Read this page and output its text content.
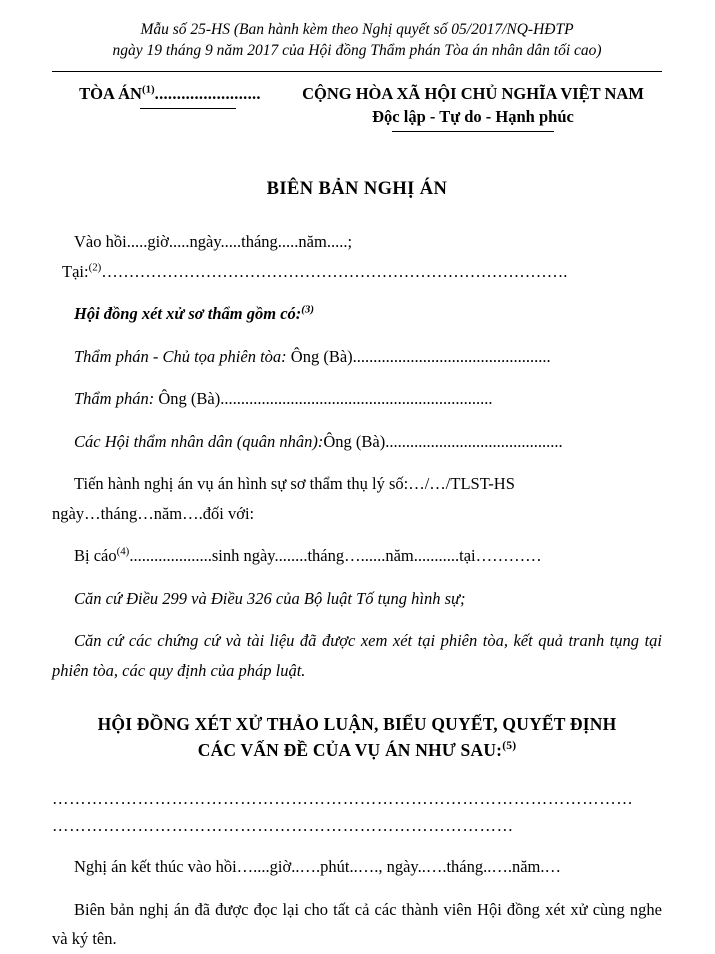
Mẫu số 25-HS (Ban hành kèm theo Nghị quyết số 05/2017/NQ-HĐTP
ngày 19 tháng 9 năm 2017 của Hội đồng Thẩm phán Tòa án nhân dân tối cao)
TÒA ÁN$^{(1)}$........................	CỘNG HÒA XÃ HỘI CHỦ NGHĨA VIỆT NAM
Độc lập - Tự do - Hạnh phúc
BIÊN BẢN NGHỊ ÁN

Vào hồi.....giờ.....ngày.....tháng.....năm.....;

Tại:$^{(2)}$………………………………………………………………………….

Hội đồng xét xử sơ thẩm gồm có:$^{(3)}$

Thẩm phán - Chủ tọa phiên tòa: Ông (Bà)................................................

Thẩm phán: Ông (Bà)..................................................................

Các Hội thẩm nhân dân (quân nhân):Ông (Bà)...........................................

Tiến hành nghị án vụ án hình sự sơ thẩm thụ lý số:…/…/TLST-HS

ngày…tháng…năm….đối với:

Bị cáo$^{(4)}$....................sinh ngày........tháng…......năm...........tại…………

Căn cứ Điều 299 và Điều 326 của Bộ luật Tố tụng hình sự;

Căn cứ các chứng cứ và tài liệu đã được xem xét tại phiên tòa, kết quả tranh tụng tại phiên tòa, các quy định của pháp luật.

HỘI ĐỒNG XÉT XỬ THẢO LUẬN, BIỂU QUYẾT, QUYẾT ĐỊNH
CÁC VẤN ĐỀ CỦA VỤ ÁN NHƯ SAU:$^{(5)}$
…………………………………………………………………………………………
………………………………………………………………………

Nghị án kết thúc vào hồi…....giờ..….phút..…., ngày..….tháng..….năm.…

Biên bản nghị án đã được đọc lại cho tất cả các thành viên Hội đồng xét xử cùng nghe và ký tên.
